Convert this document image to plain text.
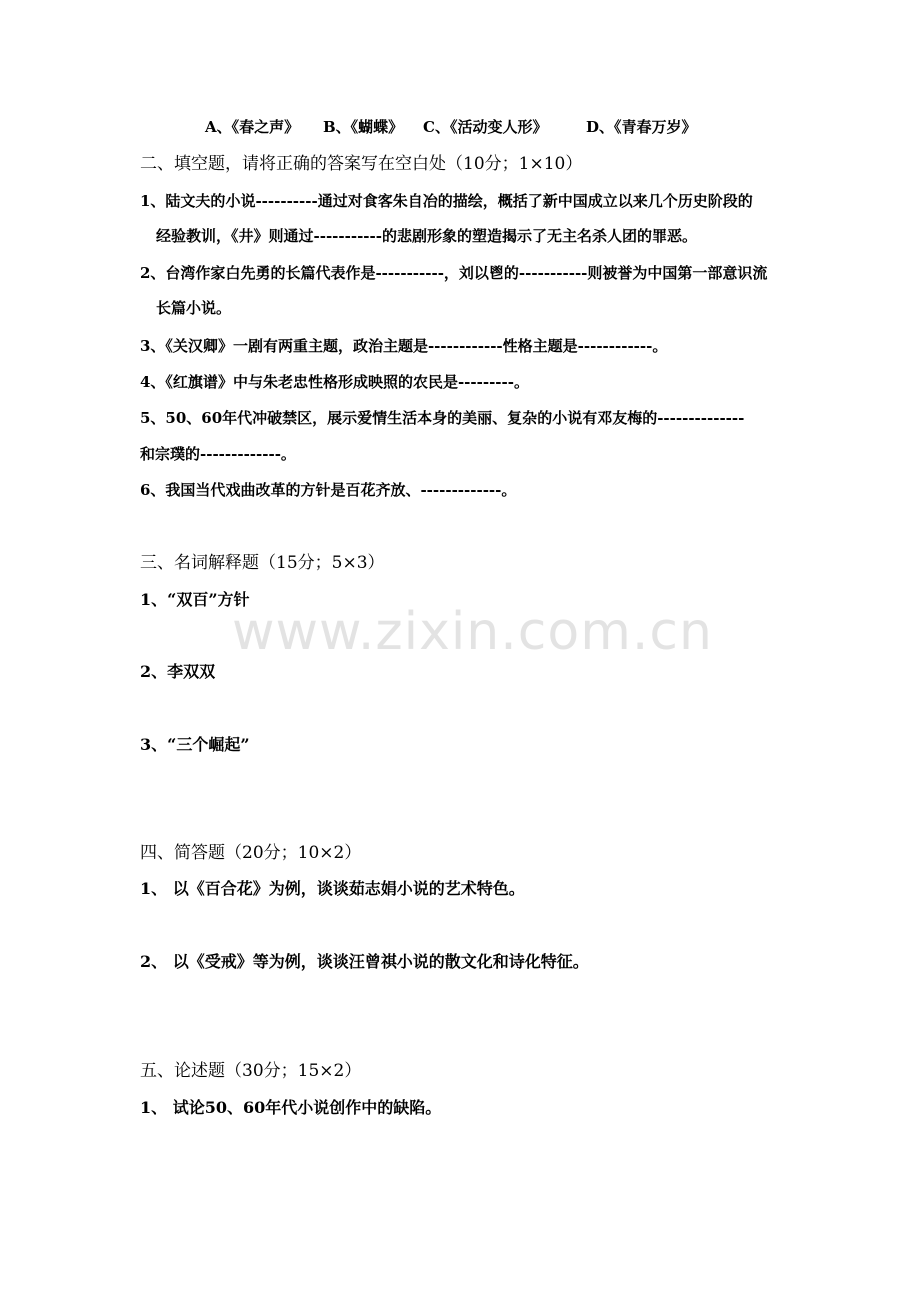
A、《春之声》 B、《蝴蝶》 C、《活动变人形》	D、《青春万岁》
二、填空题，请将正确的答案写在空白处（10分；1×10）
1、陆文夫的小说----------通过对食客朱自冶的描绘，概括了新中国成立以来几个历史阶段的
经验教训，《井》则通过-----------的悲剧形象的塑造揭示了无主名杀人团的罪恶。
2、台湾作家白先勇的长篇代表作是-----------，刘以鬯的-----------则被誉为中国第一部意识流
长篇小说。
3、《关汉卿》一剧有两重主题，政治主题是------------性格主题是------------。
4、《红旗谱》中与朱老忠性格形成映照的农民是---------。
5、50、60年代冲破禁区，展示爱情生活本身的美丽、复杂的小说有邓友梅的--------------
和宗璞的-------------。
6、我国当代戏曲改革的方针是百花齐放、-------------。
三、名词解释题（15分；5×3）
1、“双百”方针
www.zixin.com.cn
2、李双双
3、“三个崛起”
四、简答题（20分；10×2）
1、 以《百合花》为例，谈谈茹志娟小说的艺术特色。
2、 以《受戒》等为例，谈谈汪曾祺小说的散文化和诗化特征。
五、论述题（30分；15×2）
1、 试论50、60年代小说创作中的缺陷。
